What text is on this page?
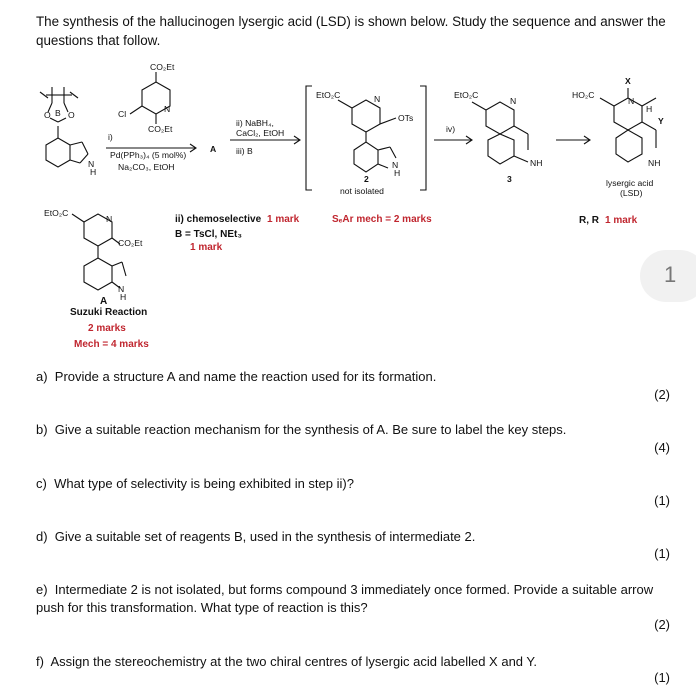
The synthesis of the hallucinogen lysergic acid (LSD) is shown below. Study the sequence and answer the questions that follow.
CO₂Et
Cl	N
CO₂Et
B
O O
N
H
i)
Pd(PPh₃)₄ (5 mol%)
Na₂CO₃, EtOH
A
ii) NaBH₄,
CaCl₂, EtOH
iii) B
EtO₂C	N
OTs
N
H
2
not isolated
iv)
EtO₂C
N
NH
3
HO₂C
X
N
H
Y
NH
lysergic acid
(LSD)
EtO₂C
N
CO₂Et
N
H
A
Suzuki Reaction
2 marks
Mech = 4 marks
ii) chemoselective 1 mark
B = TsCl, NEt₃
1 mark
SₑAr mech = 2 marks	R, R 1 mark
1
a) Provide a structure A and name the reaction used for its formation.
(2)
b) Give a suitable reaction mechanism for the synthesis of A. Be sure to label the key steps.
(4)
c) What type of selectivity is being exhibited in step ii)?
(1)
d) Give a suitable set of reagents B, used in the synthesis of intermediate 2.
(1)
e) Intermediate 2 is not isolated, but forms compound 3 immediately once formed. Provide a suitable arrow push for this transformation. What type of reaction is this?
(2)
f) Assign the stereochemistry at the two chiral centres of lysergic acid labelled X and Y.
(1)
